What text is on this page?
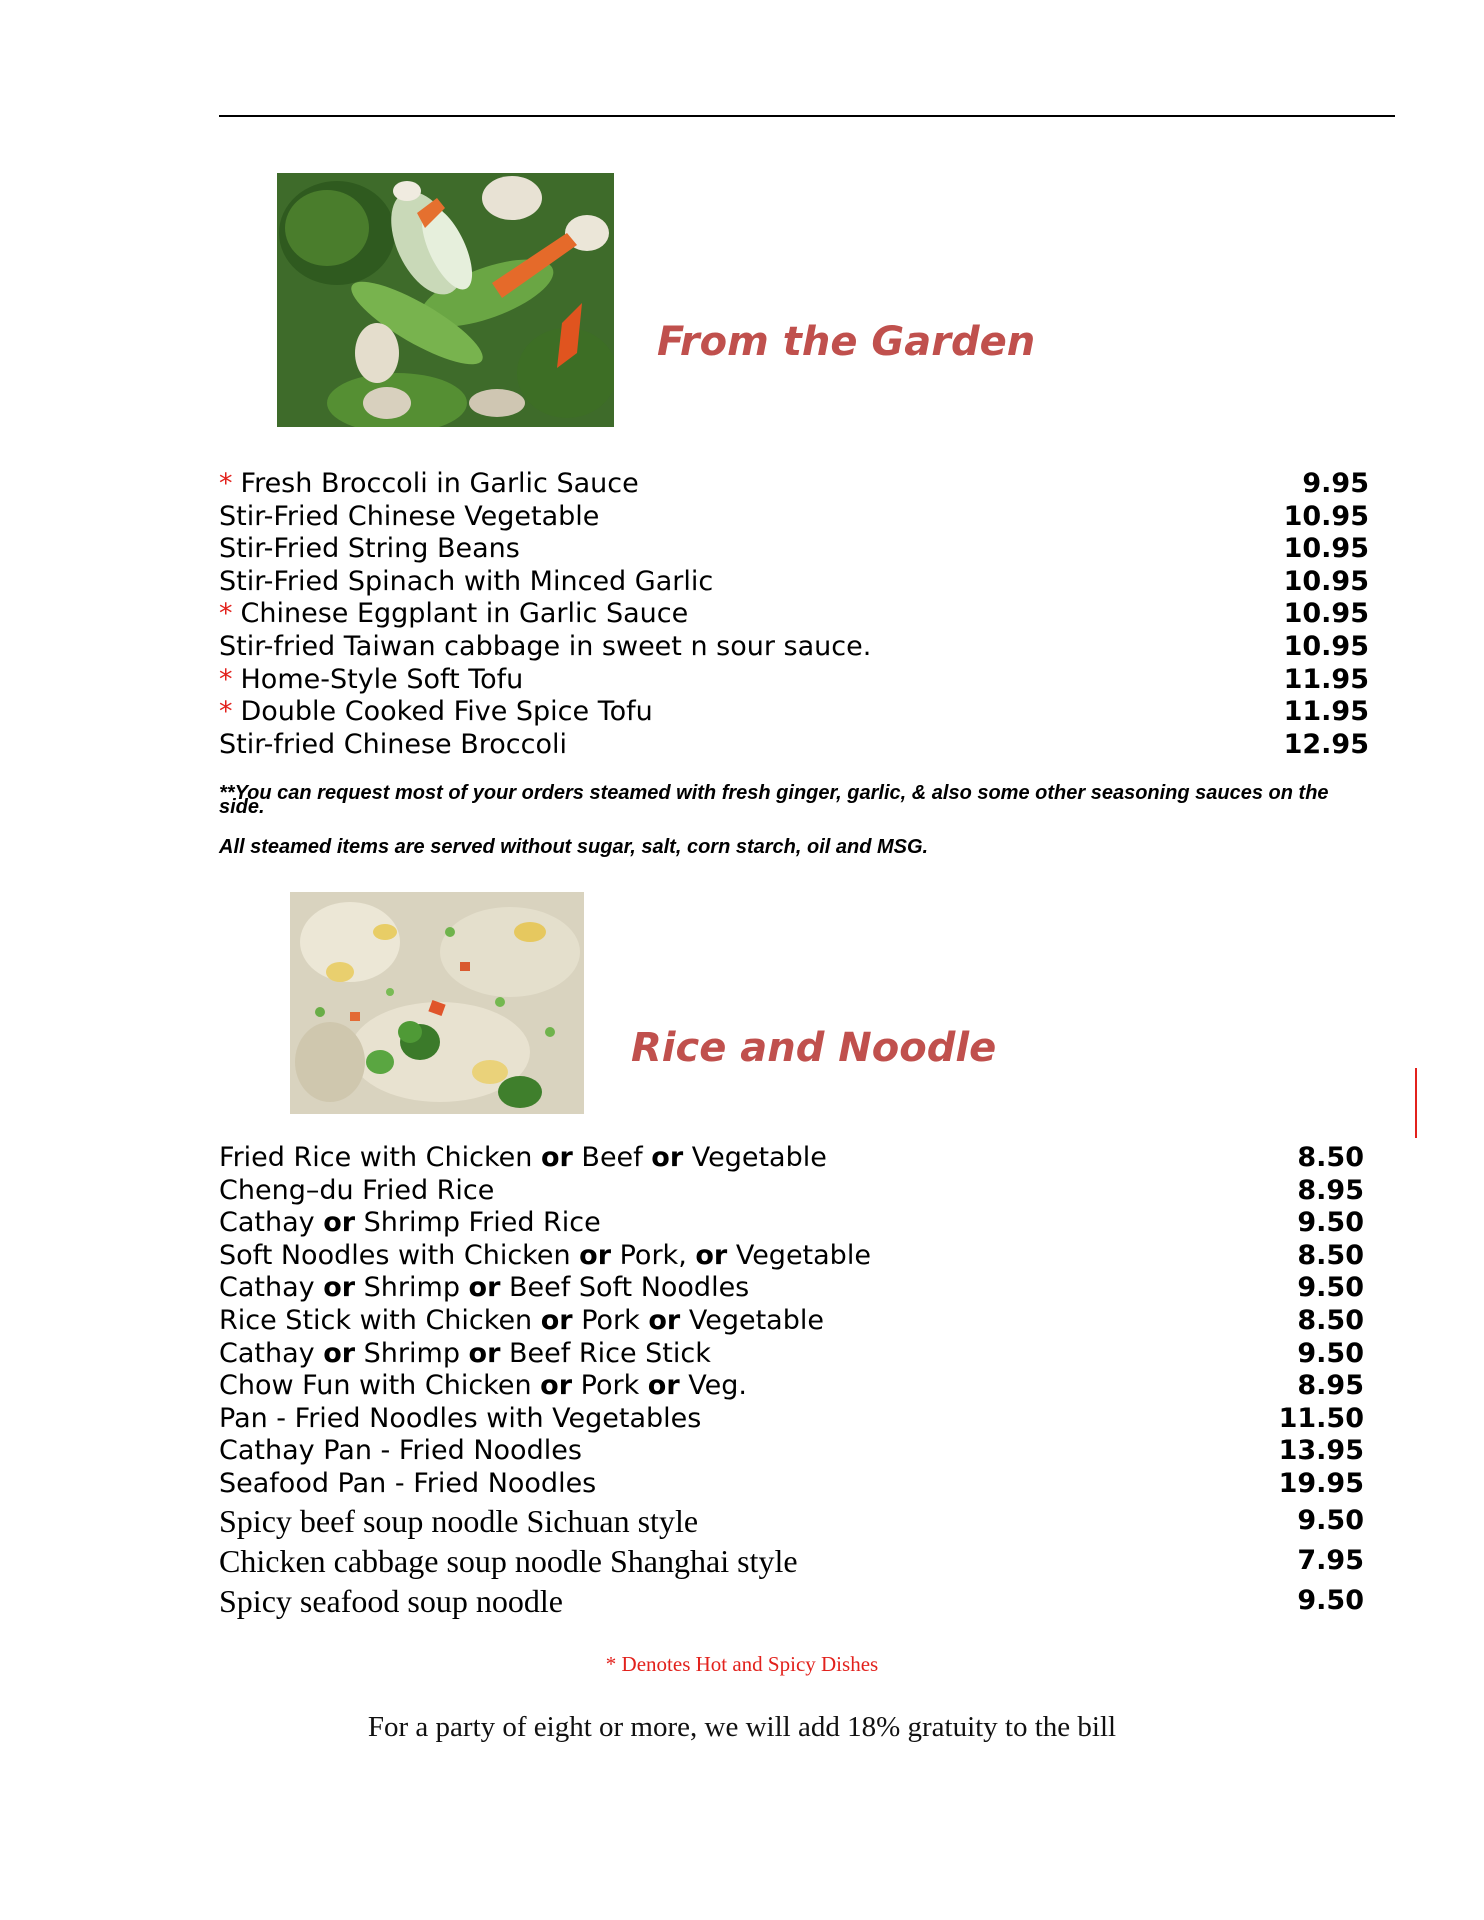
From the Garden
* Fresh Broccoli in Garlic Sauce	9.95
Stir-Fried Chinese Vegetable	10.95
Stir-Fried String Beans	10.95
Stir-Fried Spinach with Minced Garlic	10.95
* Chinese Eggplant in Garlic Sauce	10.95
Stir-fried Taiwan cabbage in sweet n sour sauce.	10.95
* Home-Style Soft Tofu	11.95
* Double Cooked Five Spice Tofu	11.95
Stir-fried Chinese Broccoli	12.95

**You can request most of your orders steamed with fresh ginger, garlic, & also some other seasoning sauces on the side.

All steamed items are served without sugar, salt, corn starch, oil and MSG.

Rice and Noodle
Fried Rice with Chicken or Beef or Vegetable	8.50
Cheng–du Fried Rice	8.95
Cathay or Shrimp Fried Rice	9.50
Soft Noodles with Chicken or Pork, or Vegetable	8.50
Cathay or Shrimp or Beef Soft Noodles	9.50
Rice Stick with Chicken or Pork or Vegetable	8.50
Cathay or Shrimp or Beef Rice Stick	9.50
Chow Fun with Chicken or Pork or Veg.	8.95
Pan - Fried Noodles with Vegetables	11.50
Cathay Pan - Fried Noodles	13.95
Seafood Pan - Fried Noodles	19.95
Spicy beef soup noodle Sichuan style	9.50
Chicken cabbage soup noodle Shanghai style	7.95
Spicy seafood soup noodle	9.50
* Denotes Hot and Spicy Dishes
For a party of eight or more, we will add 18% gratuity to the bill
